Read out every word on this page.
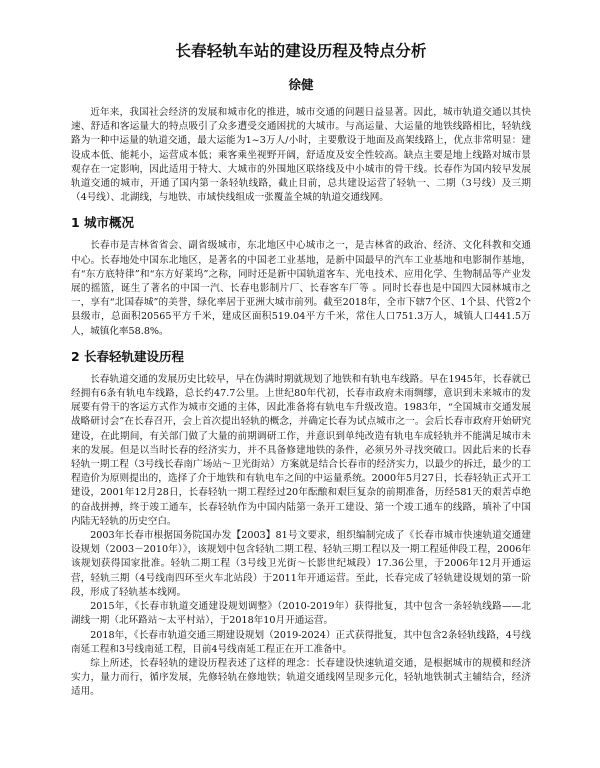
长春轻轨车站的建设历程及特点分析
徐健

近年来，我国社会经济的发展和城市化的推进，城市交通的问题日益显著。因此，城市轨道交通以其快速、舒适和客运量大的特点吸引了众多遭受交通困扰的大城市。与高运量、大运量的地铁线路相比，轻轨线路为一种中运量的轨道交通，最大运能为1~3万人/小时，主要敷设于地面及高架线路上，优点非常明显：建设成本低、能耗小，运营成本低；乘客乘坐视野开阔，舒适度及安全性较高。缺点主要是地上线路对城市景观存在一定影响，因此适用于特大、大城市的外围地区联络线及中小城市的骨干线。长春作为国内较早发展轨道交通的城市，开通了国内第一条轻轨线路，截止目前，总共建设运营了轻轨一、二期（3号线）及三期（4号线）、北湖线，与地铁、市域快线组成一张覆盖全城的轨道交通线网。

1 城市概况

长春市是吉林省省会、副省级城市，东北地区中心城市之一，是吉林省的政治、经济、文化科教和交通中心。长春地处中国东北地区，是著名的中国老工业基地，是新中国最早的汽车工业基地和电影制作基地，有“东方底特律”和“东方好莱坞”之称，同时还是新中国轨道客车、光电技术、应用化学、生物制品等产业发展的摇篮，诞生了著名的中国一汽、长春电影制片厂、长春客车厂等 。同时长春也是中国四大园林城市之一，享有“北国春城”的美誉，绿化率居于亚洲大城市前列。截至2018年，全市下辖7个区、1个县、代管2个县级市，总面积20565平方千米，建成区面积519.04平方千米，常住人口751.3万人，城镇人口441.5万人，城镇化率58.8%。

2 长春轻轨建设历程

长春轨道交通的发展历史比较早，早在伪满时期就规划了地铁和有轨电车线路。早在1945年，长春就已经拥有6条有轨电车线路，总长约47.7公里。上世纪80年代初，长春市政府未雨绸缪，意识到未来城市的发展要有骨干的客运方式作为城市交通的主体，因此准备将有轨电车升级改造。1983年，“全国城市交通发展战略研讨会”在长春召开，会上首次提出轻轨的概念，并确定长春为试点城市之一。会后长春市政府开始研究建设，在此期间，有关部门做了大量的前期调研工作，并意识到单纯改造有轨电车成轻轨并不能满足城市未来的发展。但是以当时长春的经济实力，并不具备修建地铁的条件，必须另外寻找突破口。因此后来的长春轻轨一期工程（3号线长春南广场站～卫光街站）方案就是结合长春市的经济实力，以最少的拆迁，最少的工程造价为原则提出的，选择了介于地铁和有轨电车之间的中运量系统。2000年5月27日，长春轻轨正式开工建设，2001年12月28日，长春轻轨一期工程经过20年酝酿和艰巨复杂的前期准备，历经581天的艰苦卓绝的奋战拼搏，终于竣工通车，长春轻轨作为中国内陆第一条开工建设、第一个竣工通车的线路，填补了中国内陆无轻轨的历史空白。

2003年长春市根据国务院国办发【2003】81号文要求，组织编制完成了《长春市城市快速轨道交通建设规划（2003－2010年）》，该规划中包含轻轨二期工程、轻轨三期工程以及一期工程延伸段工程，2006年该规划获得国家批准。轻轨二期工程（3号线卫光街～长影世纪城段）17.36公里，于2006年12月开通运营，轻轨三期（4号线南四环至火车北站段）于2011年开通运营。至此，长春完成了轻轨建设规划的第一阶段，形成了轻轨基本线网。

2015年，《长春市轨道交通建设规划调整》（2010-2019年）获得批复，其中包含一条轻轨线路——北湖线一期（北环路站～太平村站），于2018年10月开通运营。

2018年，《长春市轨道交通三期建设规划（2019-2024）正式获得批复，其中包含2条轻轨线路，4号线南延工程和3号线南延工程，目前4号线南延工程正在开工准备中。

综上所述，长春轻轨的建设历程表述了这样的理念：长春建设快速轨道交通，是根据城市的规模和经济实力，量力而行，循序发展，先修轻轨在修地铁；轨道交通线网呈现多元化，轻轨地铁制式主辅结合，经济适用。
